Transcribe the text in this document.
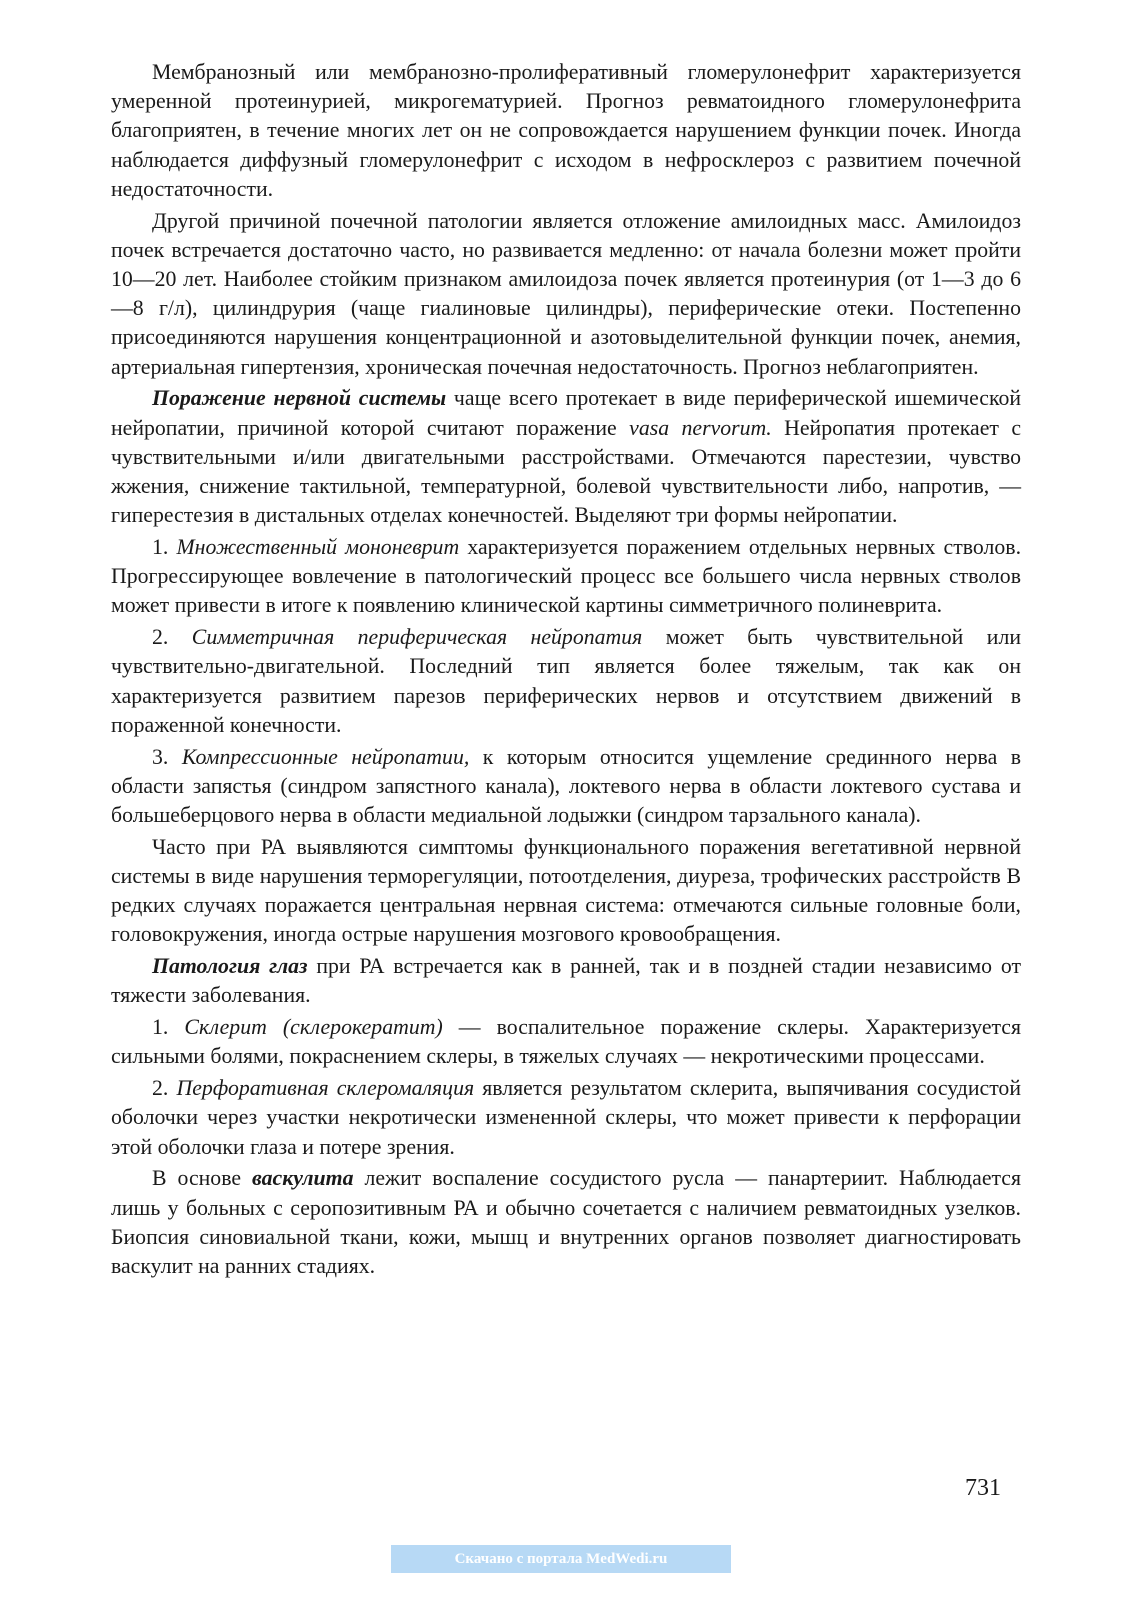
Мембранозный или мембранозно-пролиферативный гломерулонефрит характеризуется умеренной протеинурией, микрогематурией. Прогноз ревматоидного гломерулонефрита благоприятен, в течение многих лет он не сопровождается нарушением функции почек. Иногда наблюдается диффузный гломерулонефрит с исходом в нефросклероз с развитием почечной недостаточности.

Другой причиной почечной патологии является отложение амилоидных масс. Амилоидоз почек встречается достаточно часто, но развивается медленно: от начала болезни может пройти 10—20 лет. Наиболее стойким признаком амилоидоза почек является протеинурия (от 1—3 до 6—8 г/л), цилиндрурия (чаще гиалиновые цилиндры), периферические отеки. Постепенно присоединяются нарушения концентрационной и азотовыделительной функции почек, анемия, артериальная гипертензия, хроническая почечная недостаточность. Прогноз неблагоприятен.

Поражение нервной системы чаще всего протекает в виде периферической ишемической нейропатии, причиной которой считают поражение vasa nervorum. Нейропатия протекает с чувствительными и/или двигательными расстройствами. Отмечаются парестезии, чувство жжения, снижение тактильной, температурной, болевой чувствительности либо, напротив, — гиперестезия в дистальных отделах конечностей. Выделяют три формы нейропатии.

1. Множественный мононеврит характеризуется поражением отдельных нервных стволов. Прогрессирующее вовлечение в патологический процесс все большего числа нервных стволов может привести в итоге к появлению клинической картины симметричного полиневрита.

2. Симметричная периферическая нейропатия может быть чувствительной или чувствительно-двигательной. Последний тип является более тяжелым, так как он характеризуется развитием парезов периферических нервов и отсутствием движений в пораженной конечности.

3. Компрессионные нейропатии, к которым относится ущемление срединного нерва в области запястья (синдром запястного канала), локтевого нерва в области локтевого сустава и большеберцового нерва в области медиальной лодыжки (синдром тарзального канала).

Часто при РА выявляются симптомы функционального поражения вегетативной нервной системы в виде нарушения терморегуляции, потоотделения, диуреза, трофических расстройств В редких случаях поражается центральная нервная система: отмечаются сильные головные боли, головокружения, иногда острые нарушения мозгового кровообращения.

Патология глаз при РА встречается как в ранней, так и в поздней стадии независимо от тяжести заболевания.

1. Склерит (склерокератит) — воспалительное поражение склеры. Характеризуется сильными болями, покраснением склеры, в тяжелых случаях — некротическими процессами.

2. Перфоративная склеромаляция является результатом склерита, выпячивания сосудистой оболочки через участки некротически измененной склеры, что может привести к перфорации этой оболочки глаза и потере зрения.

В основе васкулита лежит воспаление сосудистого русла — панартериит. Наблюдается лишь у больных с серопозитивным РА и обычно сочетается с наличием ревматоидных узелков. Биопсия синовиальной ткани, кожи, мышц и внутренних органов позволяет диагностировать васкулит на ранних стадиях.

731
Скачано с портала MedWedi.ru
